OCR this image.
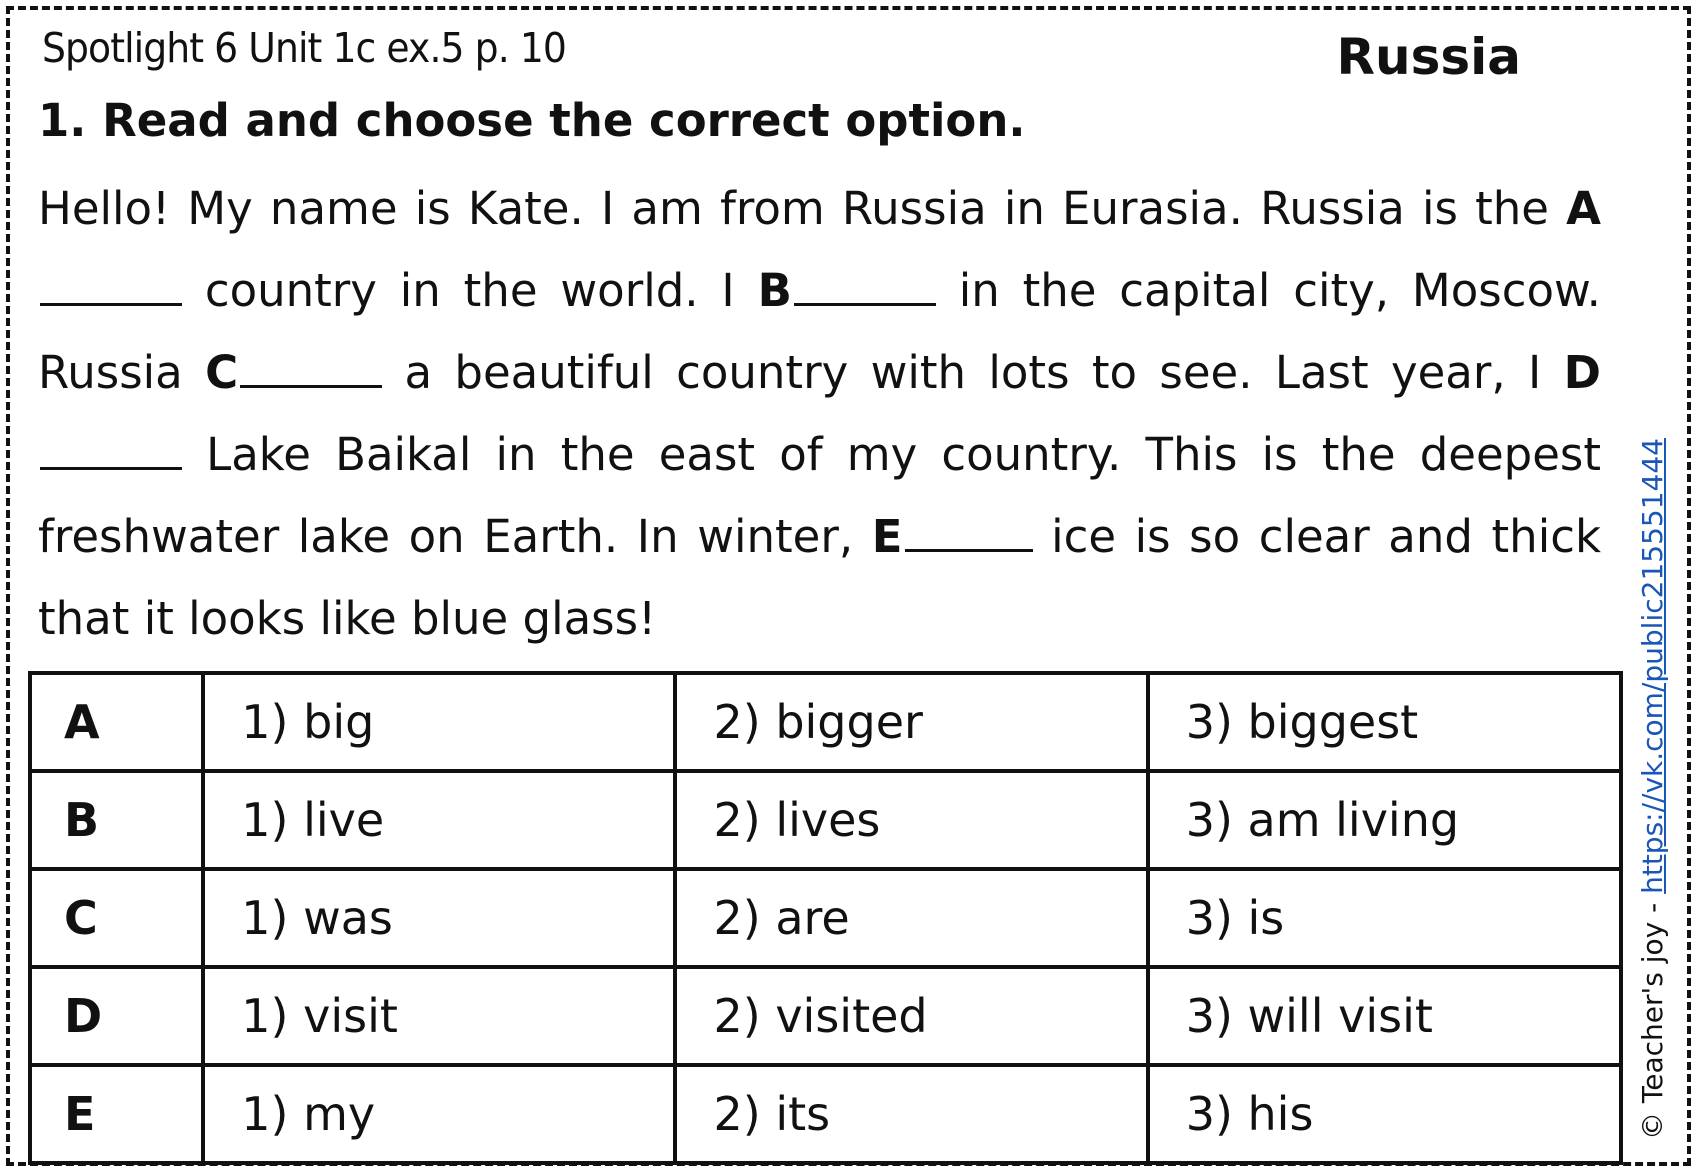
Spotlight 6 Unit 1c ex.5 p. 10	Russia
1. Read and choose the correct option.
Hello! My name is Kate. I am from Russia in Eurasia. Russia is the A country in the world. I B	in the capital city, Moscow. Russia C	a beautiful country with lots to see. Last year, I D Lake Baikal in the east of my country. This is the deepest freshwater lake on Earth. In winter, E	ice is so clear and thick that it looks like blue glass!
A	1) big	2) bigger	3) biggest
B	1) live	2) lives	3) am living
C	1) was	2) are	3) is
D	1) visit	2) visited	3) will visit
E	1) my	2) its	3) his	© Teacher's joy - https://vk.com/public215551444
